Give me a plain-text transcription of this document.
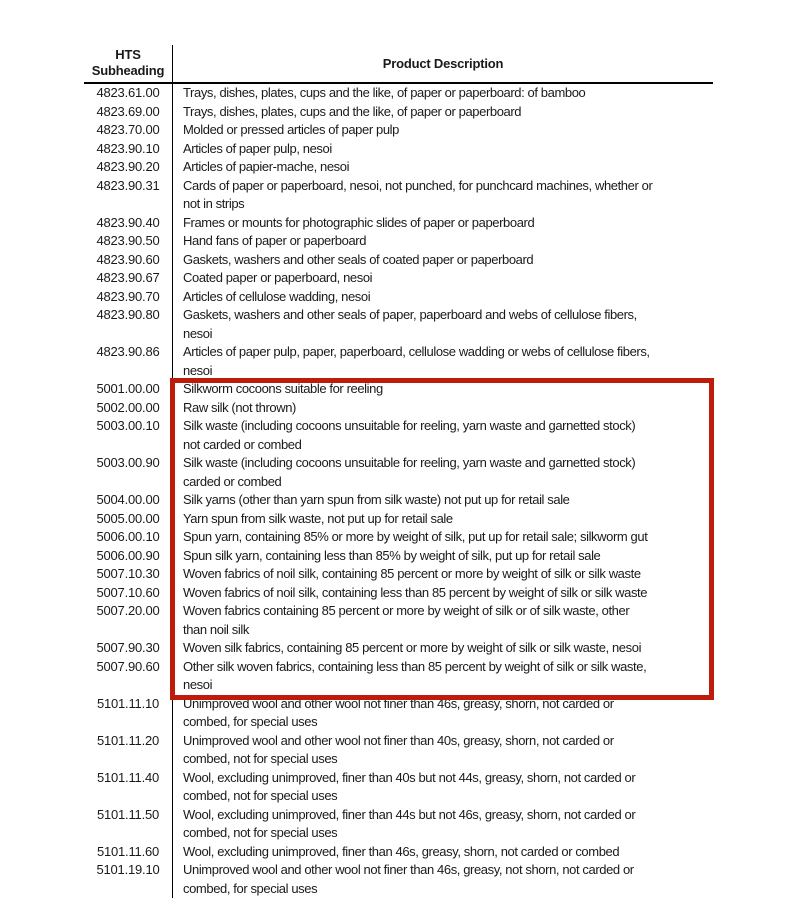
HTS
Subheading	Product Description
4823.61.00	Trays, dishes, plates, cups and the like, of paper or paperboard: of bamboo
4823.69.00	Trays, dishes, plates, cups and the like, of paper or paperboard
4823.70.00	Molded or pressed articles of paper pulp
4823.90.10	Articles of paper pulp, nesoi
4823.90.20	Articles of papier-mache, nesoi
4823.90.31	Cards of paper or paperboard, nesoi, not punched, for punchcard machines, whether or
not in strips
4823.90.40	Frames or mounts for photographic slides of paper or paperboard
4823.90.50	Hand fans of paper or paperboard
4823.90.60	Gaskets, washers and other seals of coated paper or paperboard
4823.90.67	Coated paper or paperboard, nesoi
4823.90.70	Articles of cellulose wadding, nesoi
4823.90.80	Gaskets, washers and other seals of paper, paperboard and webs of cellulose fibers,
nesoi
4823.90.86	Articles of paper pulp, paper, paperboard, cellulose wadding or webs of cellulose fibers,
nesoi
5001.00.00	Silkworm cocoons suitable for reeling
5002.00.00	Raw silk (not thrown)
5003.00.10	Silk waste (including cocoons unsuitable for reeling, yarn waste and garnetted stock)
not carded or combed
5003.00.90	Silk waste (including cocoons unsuitable for reeling, yarn waste and garnetted stock)
carded or combed
5004.00.00	Silk yarns (other than yarn spun from silk waste) not put up for retail sale
5005.00.00	Yarn spun from silk waste, not put up for retail sale
5006.00.10	Spun yarn, containing 85% or more by weight of silk, put up for retail sale; silkworm gut
5006.00.90	Spun silk yarn, containing less than 85% by weight of silk, put up for retail sale
5007.10.30	Woven fabrics of noil silk, containing 85 percent or more by weight of silk or silk waste
5007.10.60	Woven fabrics of noil silk, containing less than 85 percent by weight of silk or silk waste
5007.20.00	Woven fabrics containing 85 percent or more by weight of silk or of silk waste, other
than noil silk
5007.90.30	Woven silk fabrics, containing 85 percent or more by weight of silk or silk waste, nesoi
5007.90.60	Other silk woven fabrics, containing less than 85 percent by weight of silk or silk waste,
nesoi
5101.11.10	Unimproved wool and other wool not finer than 46s, greasy, shorn, not carded or
combed, for special uses
5101.11.20	Unimproved wool and other wool not finer than 40s, greasy, shorn, not carded or
combed, not for special uses
5101.11.40	Wool, excluding unimproved, finer than 40s but not 44s, greasy, shorn, not carded or
combed, not for special uses
5101.11.50	Wool, excluding unimproved, finer than 44s but not 46s, greasy, shorn, not carded or
combed, not for special uses
5101.11.60	Wool, excluding unimproved, finer than 46s, greasy, shorn, not carded or combed
5101.19.10	Unimproved wool and other wool not finer than 46s, greasy, not shorn, not carded or
combed, for special uses
